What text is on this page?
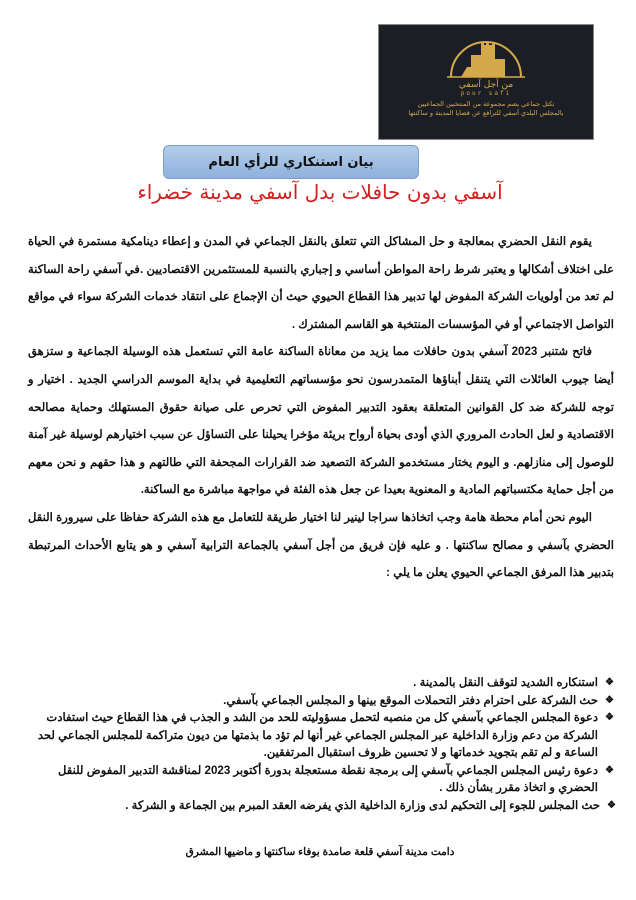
من أجل آسفي
pour safi
تكتل جماعي يضم مجموعة من المنتخبين الجماعيين
بالمجلس البلدي آسفي للترافع عن قضايا المدينة و ساكنتها
بيان استنكاري للرأي العام
آسفي بدون حافلات بدل آسفي مدينة خضراء

يقوم النقل الحضري بمعالجة و حل المشاكل التي تتعلق بالنقل الجماعي في المدن و إعطاء دينامكية مستمرة في الحياة على اختلاف أشكالها و يعتبر شرط راحة المواطن أساسي و إجباري بالنسبة للمستثمرين الاقتصاديين .في آسفي راحة الساكنة لم تعد من أولويات الشركة المفوض لها تدبير هذا القطاع الحيوي حيث أن الإجماع على انتقاد خدمات الشركة سواء في مواقع التواصل الاجتماعي أو في المؤسسات المنتخبة هو القاسم المشترك .

فاتح شتنبر 2023 آسفي بدون حافلات مما يزيد من معاناة الساكنة عامة التي تستعمل هذه الوسيلة الجماعية و ستزهق أيضا جيوب العائلات التي يتنقل أبناؤها المتمدرسون نحو مؤسساتهم التعليمية في بداية الموسم الدراسي الجديد . اختيار و توجه للشركة ضد كل القوانين المتعلقة بعقود التدبير المفوض التي تحرص على صيانة حقوق المستهلك وحماية مصالحه الاقتصادية و لعل الحادث المروري الذي أودى بحياة أرواح بريئة مؤخرا يحيلنا على التساؤل عن سبب اختيارهم لوسيلة غير آمنة للوصول إلى منازلهم. و اليوم يختار مستخدمو الشركة التصعيد ضد القرارات المجحفة التي طالتهم و هذا حقهم و نحن معهم من أجل حماية مكتسباتهم المادية و المعنوية بعيدا عن جعل هذه الفئة في مواجهة مباشرة مع الساكنة.

اليوم نحن أمام محطة هامة وجب اتخاذها سراجا لينير لنا اختيار طريقة للتعامل مع هذه الشركة حفاظا على سيرورة النقل الحضري بآسفي و مصالح ساكنتها . و عليه فإن فريق من أجل آسفي بالجماعة الترابية آسفي و هو يتابع الأحداث المرتبطة بتدبير هذا المرفق الجماعي الحيوي يعلن ما يلي :

❖
استنكاره الشديد لتوقف النقل بالمدينة .
❖
حث الشركة على احترام دفتر التحملات الموقع بينها و المجلس الجماعي بآسفي.
❖
دعوة المجلس الجماعي بآسفي كل من منصبه لتحمل مسؤوليته للحد من الشد و الجذب في هذا القطاع حيث استفادت الشركة من دعم وزارة الداخلية عبر المجلس الجماعي غير أنها لم تؤد ما بذمتها من ديون متراكمة للمجلس الجماعي لحد الساعة و لم تقم بتجويد خدماتها و لا تحسين ظروف استقبال المرتفقين.
❖
دعوة رئيس المجلس الجماعي بآسفي إلى برمجة نقطة مستعجلة بدورة أكتوبر 2023 لمناقشة التدبير المفوض للنقل الحضري و اتخاذ مقرر بشأن ذلك .
❖
حث المجلس للجوء إلى التحكيم لدى وزارة الداخلية الذي يفرضه العقد المبرم بين الجماعة و الشركة .
دامت مدينة آسفي قلعة صامدة بوفاء ساكنتها و ماضيها المشرق
